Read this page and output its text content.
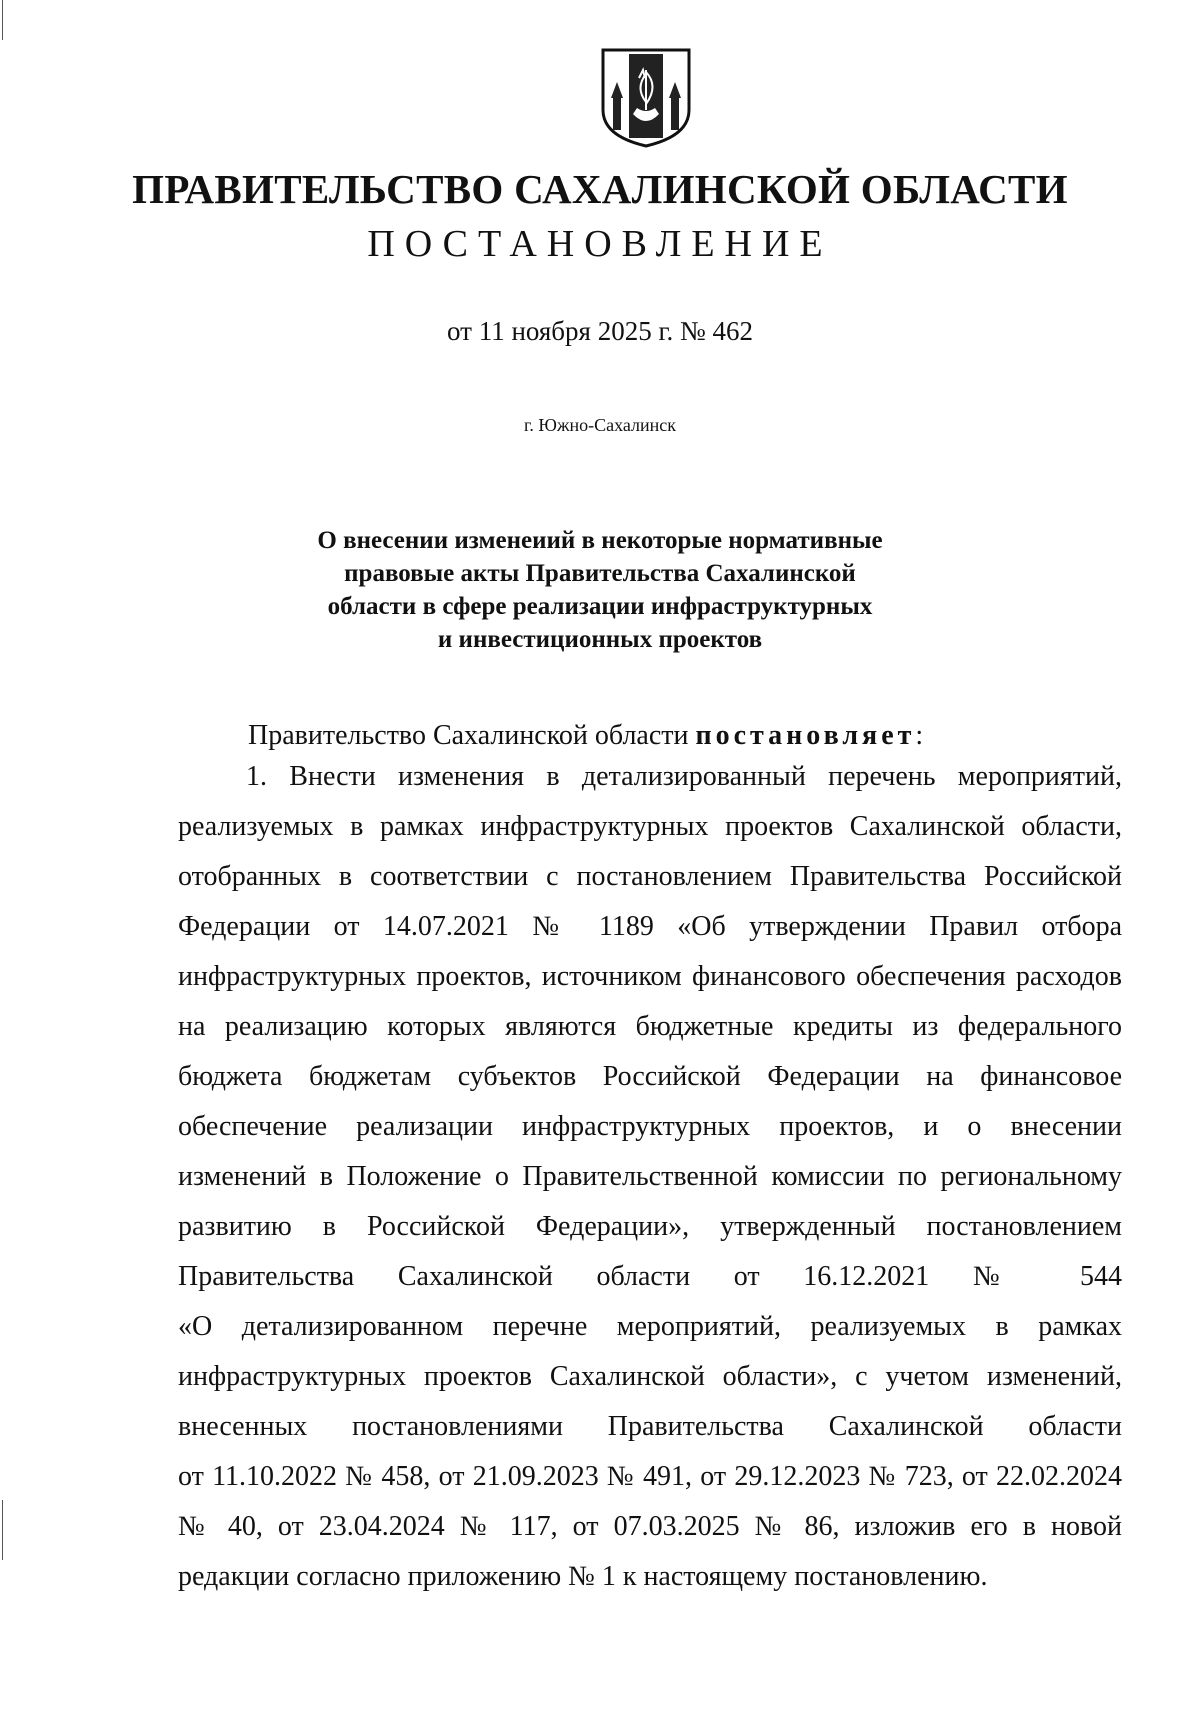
ПРАВИТЕЛЬСТВО САХАЛИНСКОЙ ОБЛАСТИ
ПОСТАНОВЛЕНИЕ
от 11 ноября 2025 г. № 462
г. Южно-Сахалинск
О внесении изменеиий в некоторые нормативные
правовые акты Правительства Сахалинской
области в сфере реализации инфраструктурных
и инвестиционных проектов
Правительство Сахалинской области постановляет:
1. Внести изменения в детализированный перечень мероприятий,
реализуемых в рамках инфраструктурных проектов Сахалинской области,
отобранных в соответствии с постановлением Правительства Российской
Федерации от 14.07.2021 № 1189 «Об утверждении Правил отбора
инфраструктурных проектов, источником финансового обеспечения расходов
на реализацию которых являются бюджетные кредиты из федерального
бюджета бюджетам субъектов Российской Федерации на финансовое
обеспечение реализации инфраструктурных проектов, и о внесении
изменений в Положение о Правительственной комиссии по региональному
развитию в Российской Федерации», утвержденный постановлением
Правительства Сахалинской области от 16.12.2021 № 544
«О детализированном перечне мероприятий, реализуемых в рамках
инфраструктурных проектов Сахалинской области», с учетом изменений,
внесенных постановлениями Правительства Сахалинской области
от 11.10.2022 № 458, от 21.09.2023 № 491, от 29.12.2023 № 723, от 22.02.2024
№ 40, от 23.04.2024 № 117, от 07.03.2025 № 86, изложив его в новой
редакции согласно приложению № 1 к настоящему постановлению.
